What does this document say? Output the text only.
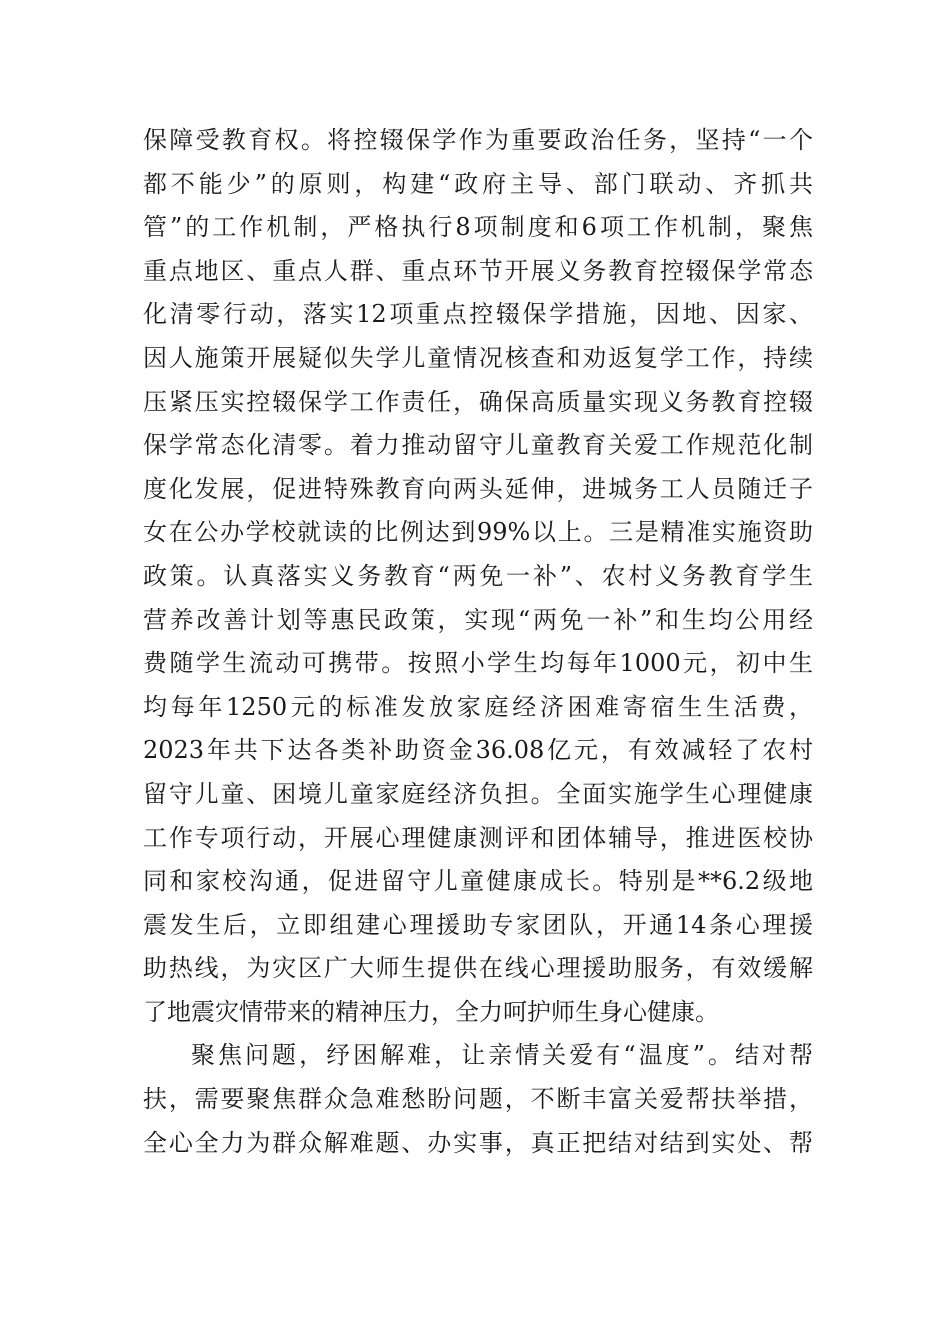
保障受教育权。将控辍保学作为重要政治任务，坚持“一个
都不能少”的原则，构建“政府主导、部门联动、齐抓共
管”的工作机制，严格执行8项制度和6项工作机制，聚焦
重点地区、重点人群、重点环节开展义务教育控辍保学常态
化清零行动，落实12项重点控辍保学措施，因地、因家、
因人施策开展疑似失学儿童情况核查和劝返复学工作，持续
压紧压实控辍保学工作责任，确保高质量实现义务教育控辍
保学常态化清零。着力推动留守儿童教育关爱工作规范化制
度化发展，促进特殊教育向两头延伸，进城务工人员随迁子
女在公办学校就读的比例达到99%以上。三是精准实施资助
政策。认真落实义务教育“两免一补”、农村义务教育学生
营养改善计划等惠民政策，实现“两免一补”和生均公用经
费随学生流动可携带。按照小学生均每年1000元，初中生
均每年1250元的标准发放家庭经济困难寄宿生生活费，
2023年共下达各类补助资金36.08亿元，有效减轻了农村
留守儿童、困境儿童家庭经济负担。全面实施学生心理健康
工作专项行动，开展心理健康测评和团体辅导，推进医校协
同和家校沟通，促进留守儿童健康成长。特别是**6.2级地
震发生后，立即组建心理援助专家团队，开通14条心理援
助热线，为灾区广大师生提供在线心理援助服务，有效缓解
了地震灾情带来的精神压力，全力呵护师生身心健康。
聚焦问题，纾困解难，让亲情关爱有“温度”。结对帮
扶，需要聚焦群众急难愁盼问题，不断丰富关爱帮扶举措，
全心全力为群众解难题、办实事，真正把结对结到实处、帮
